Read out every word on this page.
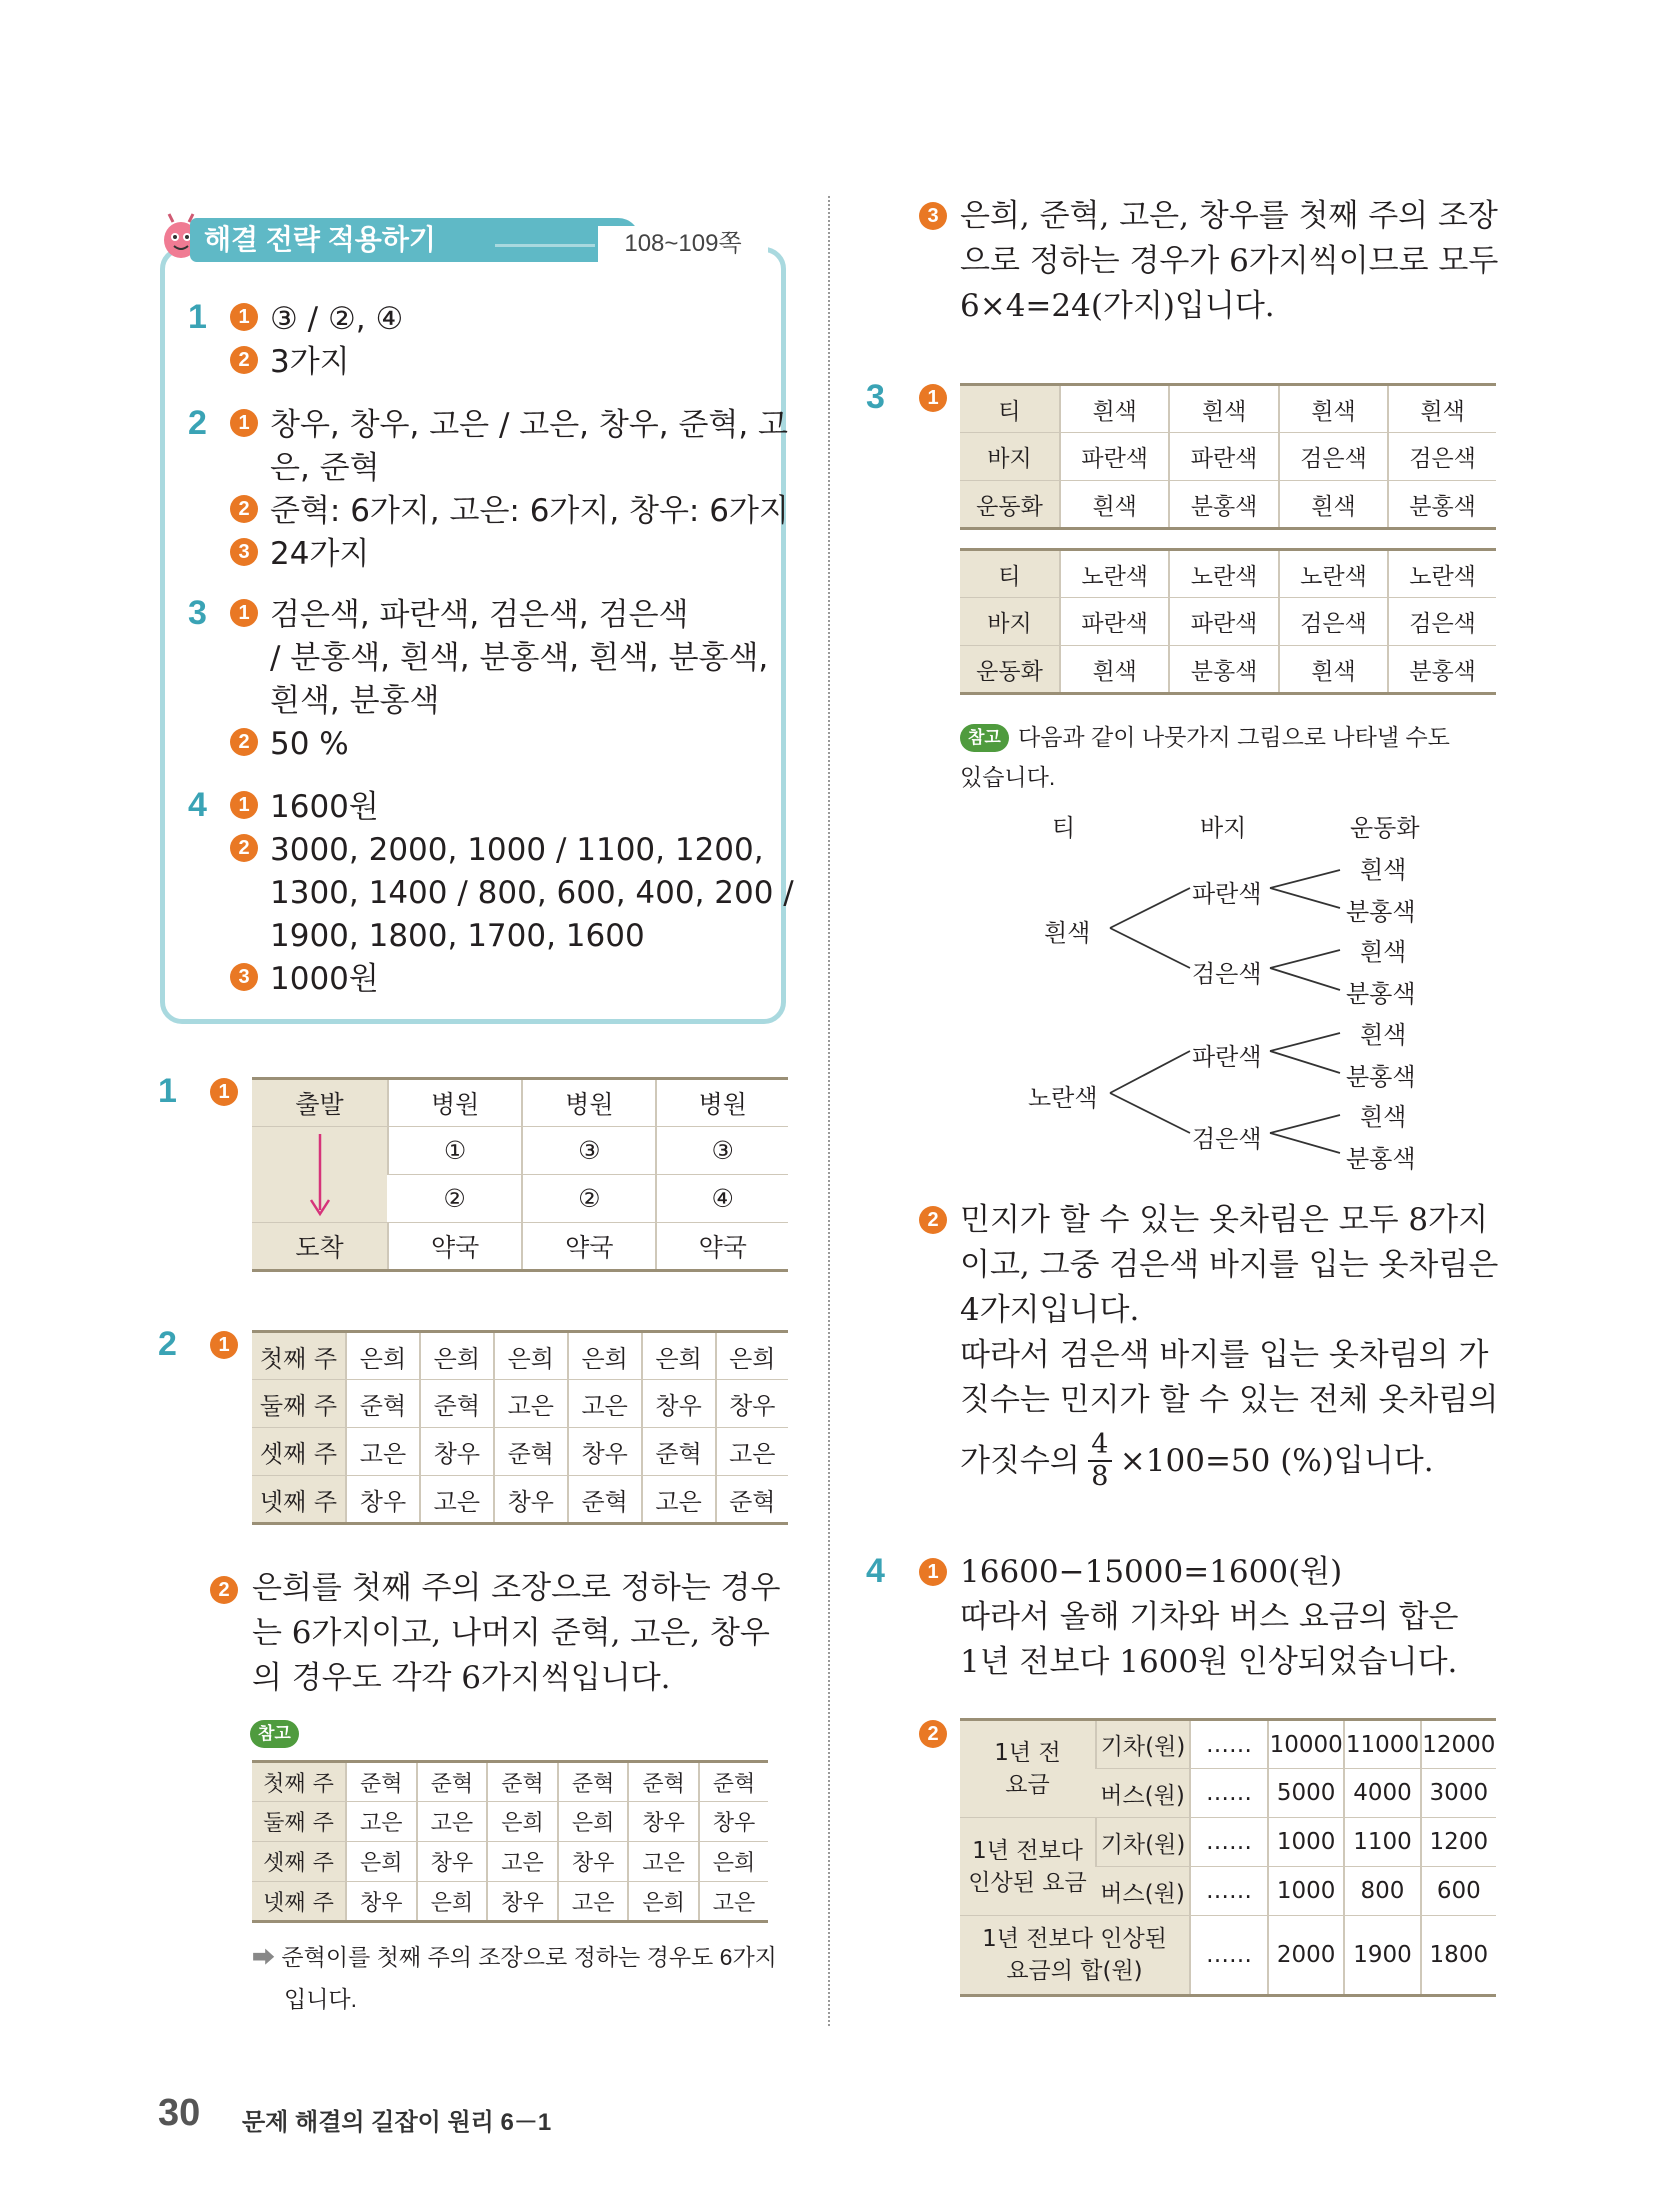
해결 전략 적용하기	108~109쪽
1	1 ③ / ②, ④
2 3가지
2	1 창우, 창우, 고은 / 고은, 창우, 준혁, 고
은, 준혁
2 준혁: 6가지, 고은: 6가지, 창우: 6가지
3 24가지
3	1 검은색, 파란색, 검은색, 검은색
/ 분홍색, 흰색, 분홍색, 흰색, 분홍색,
흰색, 분홍색
2 50 %
4	1 1600원
2 3000, 2000, 1000 / 1100, 1200,
1300, 1400 / 800, 600, 400, 200 /
1900, 1800, 1700, 1600
3 1000원
1	1	출발	병원	병원	병원

	①	③	③
	②	②	④
도착	약국	약국	약국
2	1	첫째 주	은희	은희	은희	은희	은희	은희
둘째 주	준혁	준혁	고은	고은	창우	창우
셋째 주	고은	창우	준혁	창우	준혁	고은
넷째 주	창우	고은	창우	준혁	고은	준혁
2 은희를 첫째 주의 조장으로 정하는 경우
는 6가지이고, 나머지 준혁, 고은, 창우
의 경우도 각각 6가지씩입니다.
참고
첫째 주	준혁	준혁	준혁	준혁	준혁	준혁
둘째 주	고은	고은	은희	은희	창우	창우
셋째 주	은희	창우	고은	창우	고은	은희
넷째 주	창우	은희	창우	고은	은희	고은
➡ 준혁이를 첫째 주의 조장으로 정하는 경우도 6가지
입니다.
3 은희, 준혁, 고은, 창우를 첫째 주의 조장
으로 정하는 경우가 6가지씩이므로 모두
6×4=24(가지)입니다.
3	1
티	흰색	흰색	흰색	흰색
바지	파란색	파란색	검은색	검은색
운동화	흰색	분홍색	흰색	분홍색
티	노란색	노란색	노란색	노란색
바지	파란색	파란색	검은색	검은색
운동화	흰색	분홍색	흰색	분홍색
참고 다음과 같이 나뭇가지 그림으로 나타낼 수도
있습니다.
티	바지	운동화
흰색
노란색
파란색
검은색
파란색
검은색
흰색
분홍색
흰색
분홍색
흰색
분홍색
흰색
분홍색
2 민지가 할 수 있는 옷차림은 모두 8가지
이고, 그중 검은색 바지를 입는 옷차림은
4가지입니다.
따라서 검은색 바지를 입는 옷차림의 가
짓수는 민지가 할 수 있는 전체 옷차림의
가짓수의 4
8 ×100=50 (%)입니다.
4	1 16600−15000=1600(원)
따라서 올해 기차와 버스 요금의 합은
1년 전보다 1600원 인상되었습니다.
2
1년 전
요금	기차(원)	……	10000	11000	12000
	버스(원)	……	5000	4000	3000

1년 전보다
인상된 요금	기차(원)	……	1000	1100	1200
	버스(원)	……	1000	800	600

1년 전보다 인상된
요금의 합(원)		……	2000	1900	1800
30 문제 해결의 길잡이 원리 6－1
